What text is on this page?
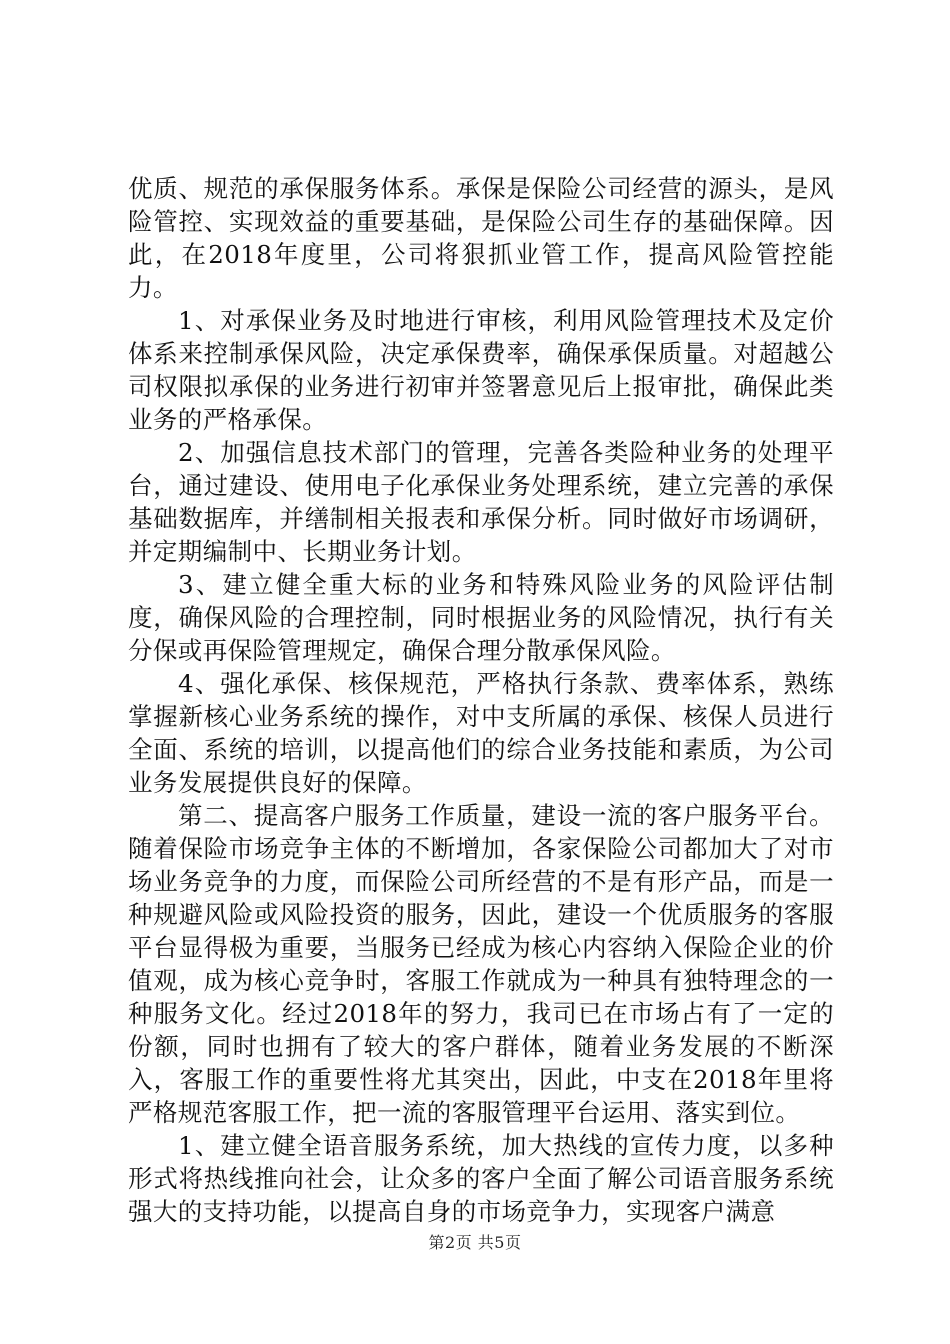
优质、规范的承保服务体系。承保是保险公司经营的源头，是风险管控、实现效益的重要基础，是保险公司生存的基础保障。因此，在2018年度里，公司将狠抓业管工作，提高风险管控能力。

1、对承保业务及时地进行审核，利用风险管理技术及定价体系来控制承保风险，决定承保费率，确保承保质量。对超越公司权限拟承保的业务进行初审并签署意见后上报审批，确保此类业务的严格承保。

2、加强信息技术部门的管理，完善各类险种业务的处理平台，通过建设、使用电子化承保业务处理系统，建立完善的承保基础数据库，并缮制相关报表和承保分析。同时做好市场调研，并定期编制中、长期业务计划。

3、建立健全重大标的业务和特殊风险业务的风险评估制度，确保风险的合理控制，同时根据业务的风险情况，执行有关分保或再保险管理规定，确保合理分散承保风险。

4、强化承保、核保规范，严格执行条款、费率体系，熟练掌握新核心业务系统的操作，对中支所属的承保、核保人员进行全面、系统的培训，以提高他们的综合业务技能和素质，为公司业务发展提供良好的保障。

第二、提高客户服务工作质量，建设一流的客户服务平台。随着保险市场竞争主体的不断增加，各家保险公司都加大了对市场业务竞争的力度，而保险公司所经营的不是有形产品，而是一种规避风险或风险投资的服务，因此，建设一个优质服务的客服平台显得极为重要，当服务已经成为核心内容纳入保险企业的价值观，成为核心竞争时，客服工作就成为一种具有独特理念的一种服务文化。经过2018年的努力，我司已在市场占有了一定的份额，同时也拥有了较大的客户群体，随着业务发展的不断深入，客服工作的重要性将尤其突出，因此，中支在2018年里将严格规范客服工作，把一流的客服管理平台运用、落实到位。

1、建立健全语音服务系统，加大热线的宣传力度，以多种形式将热线推向社会，让众多的客户全面了解公司语音服务系统强大的支持功能，以提高自身的市场竞争力，实现客户满意

第2页 共5页
